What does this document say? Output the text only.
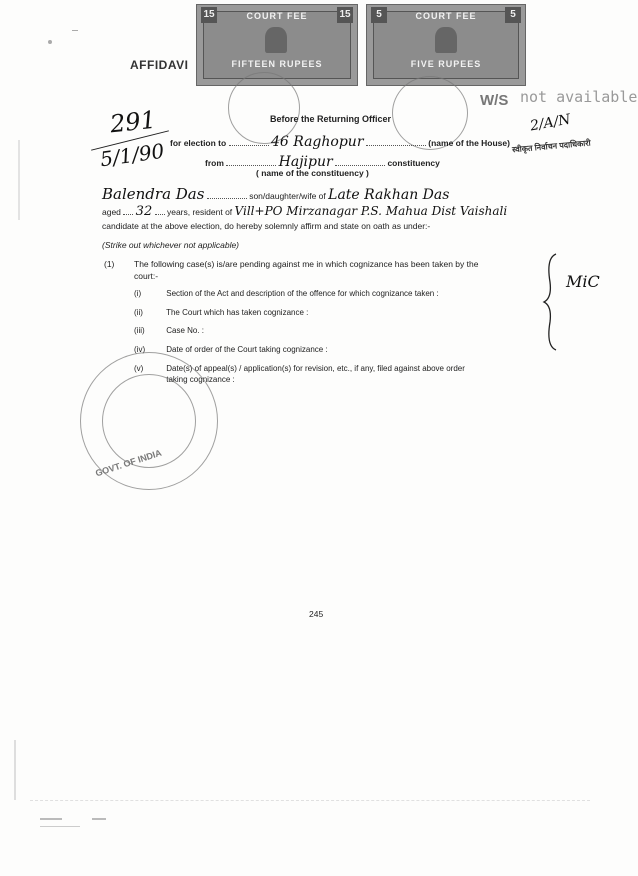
AFFIDAVI
15	15
COURT FEE
FIFTEEN RUPEES
5	5
COURT FEE
FIVE RUPEES
W/S not available
291
5/1/90
2/A/N
स्वीकृत निर्वाचन पदाधिकारी
Before the Returning Officer
for election to	46 Raghopur	(name of the House)
from	Hajipur	constituency
( name of the constituency )
Balendra Das	son/daughter/wife of Late Rakhan Das
aged 32 years, resident of Vill+PO Mirzanagar P.S. Mahua Dist Vaishali
candidate at the above election, do hereby solemnly affirm and state on oath as under:-
(Strike out whichever not applicable)
(1) The following case(s) is/are pending against me in which cognizance has been taken by the
court:-
(i)	Section of the Act and description of the offence for which cognizance taken :
(ii)	The Court which has taken cognizance :
(iii)	Case No. :
(iv)	Date of order of the Court taking cognizance :
(v)	Date(s) of appeal(s) / application(s) for revision, etc., if any, filed against above order
taking cognizance :
MiC
GOVT. OF INDIA
245
